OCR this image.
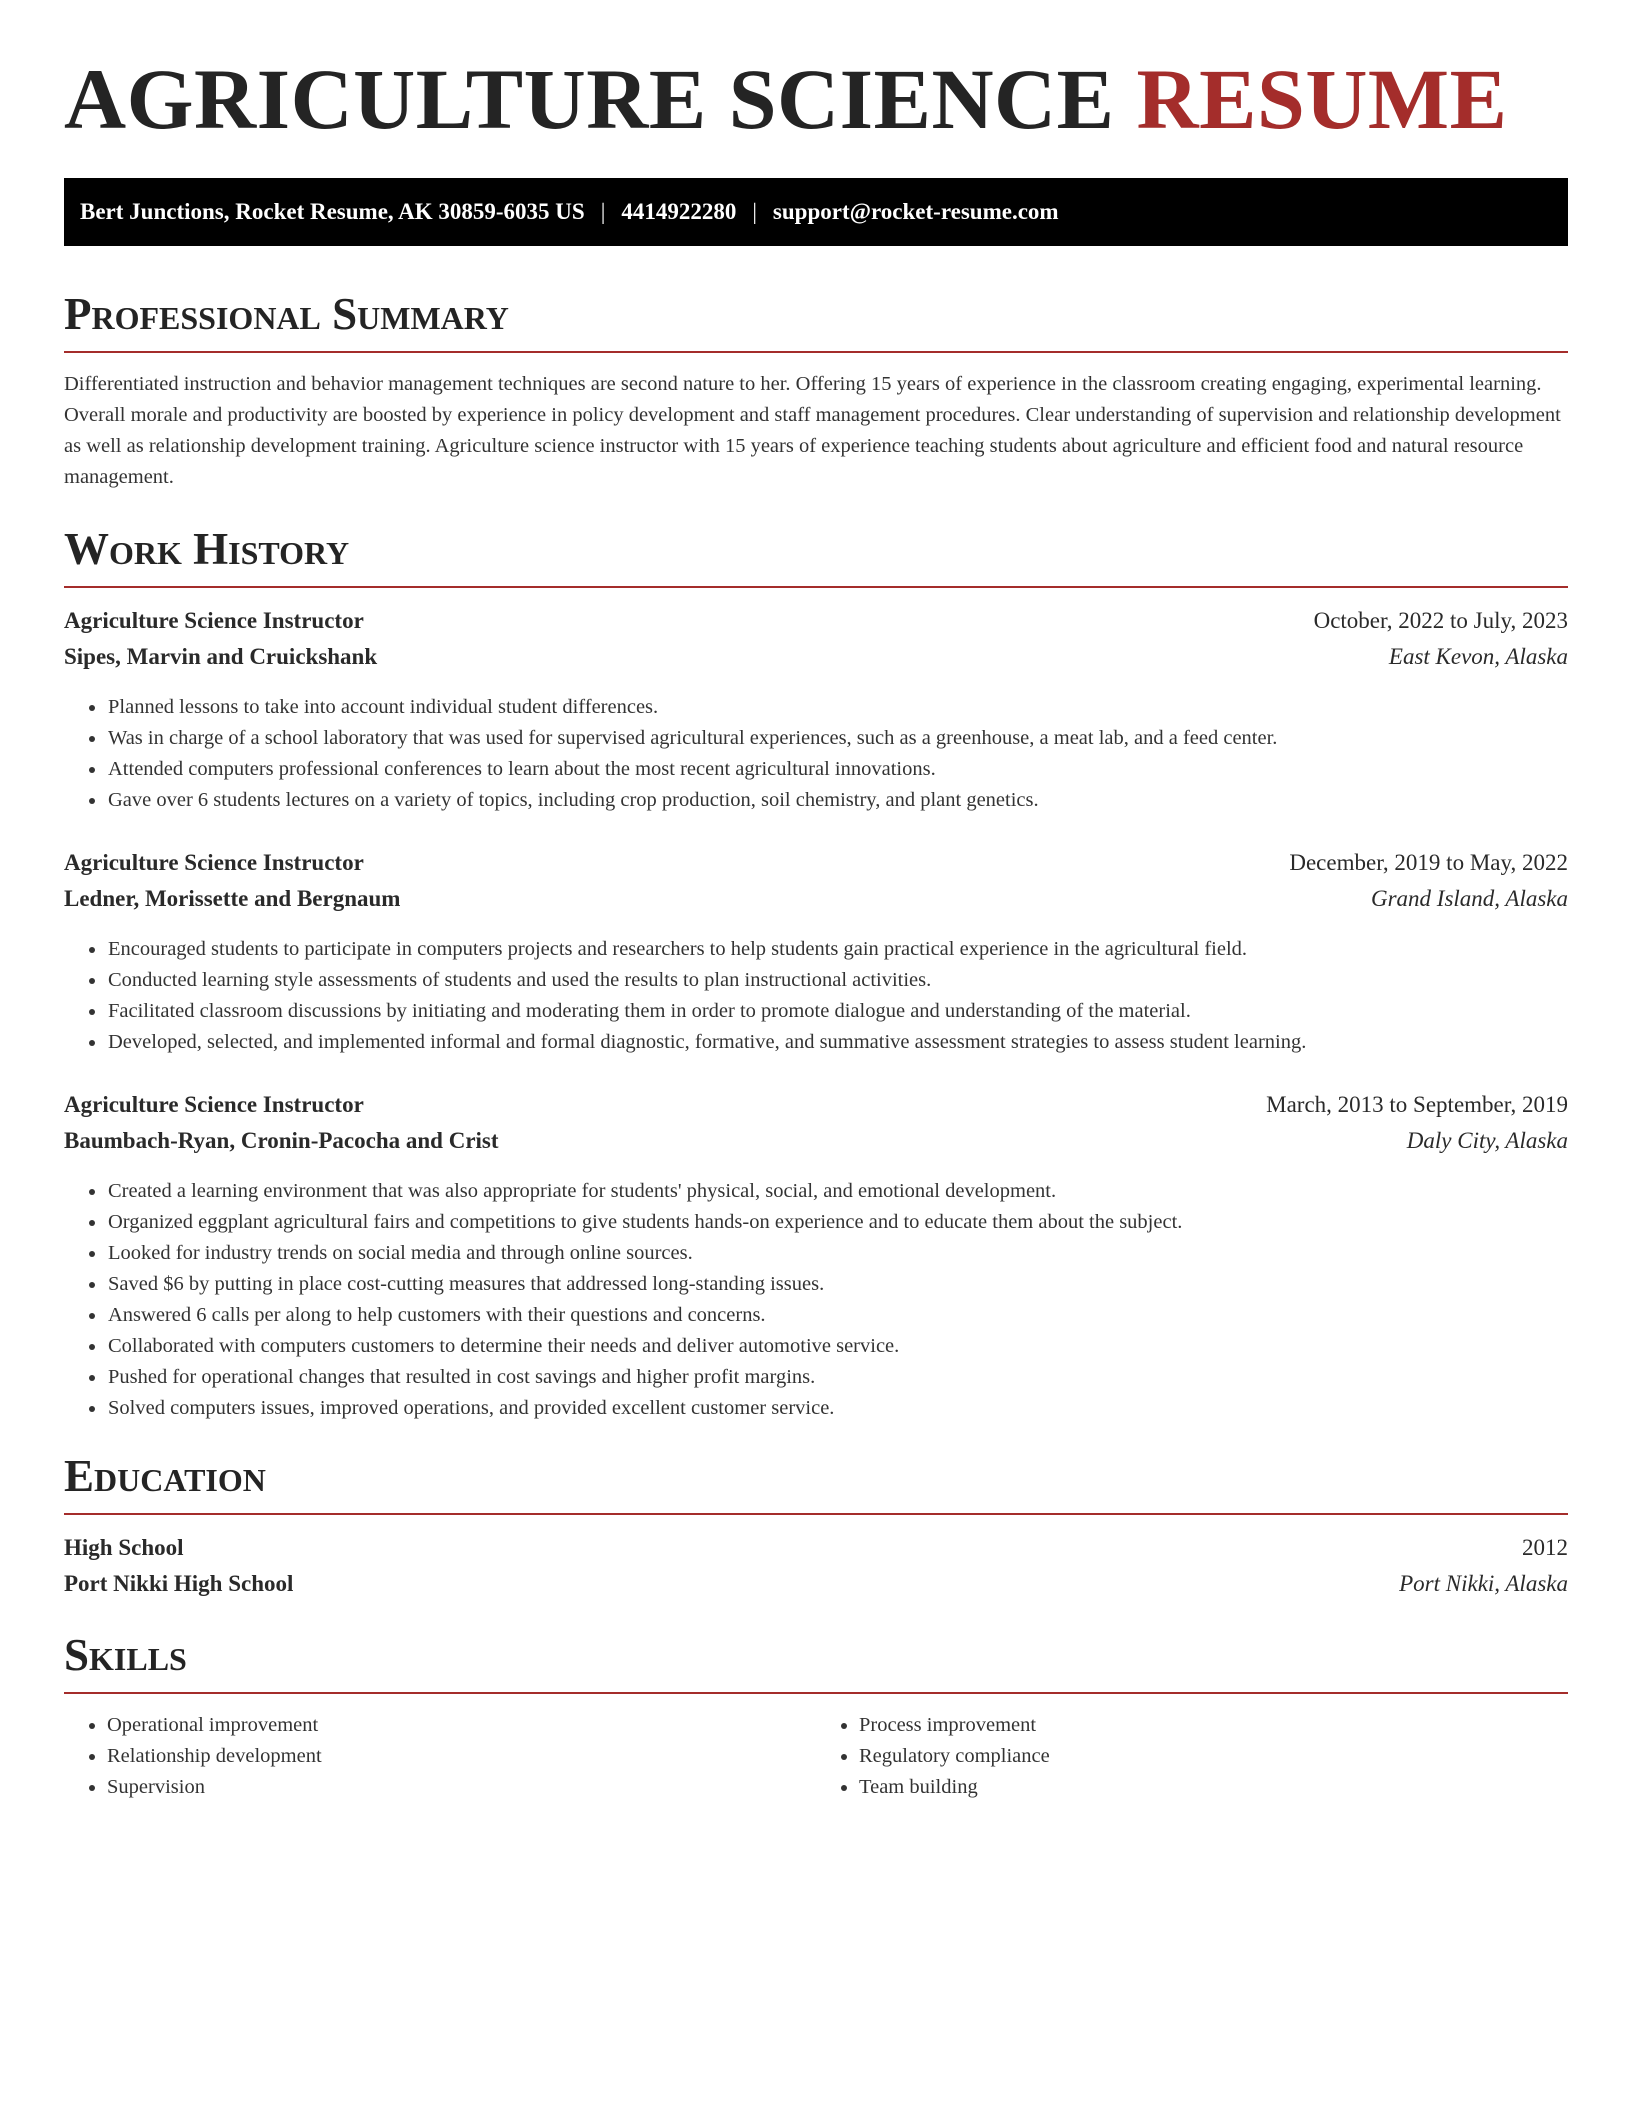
AGRICULTURE SCIENCE RESUME
Bert Junctions, Rocket Resume, AK 30859-6035 US | 4414922280 | support@rocket-resume.com
Professional Summary

Differentiated instruction and behavior management techniques are second nature to her. Offering 15 years of experience in the classroom creating engaging, experimental learning. Overall morale and productivity are boosted by experience in policy development and staff management procedures. Clear understanding of supervision and relationship development as well as relationship development training. Agriculture science instructor with 15 years of experience teaching students about agriculture and efficient food and natural resource management.

Work History
Agriculture Science Instructor	October, 2022 to July, 2023
Sipes, Marvin and Cruickshank	East Kevon, Alaska
• Planned lessons to take into account individual student differences.
• Was in charge of a school laboratory that was used for supervised agricultural experiences, such as a greenhouse, a meat lab, and a feed center.
• Attended computers professional conferences to learn about the most recent agricultural innovations.
• Gave over 6 students lectures on a variety of topics, including crop production, soil chemistry, and plant genetics.
Agriculture Science Instructor	December, 2019 to May, 2022
Ledner, Morissette and Bergnaum	Grand Island, Alaska
• Encouraged students to participate in computers projects and researchers to help students gain practical experience in the agricultural field.
• Conducted learning style assessments of students and used the results to plan instructional activities.
• Facilitated classroom discussions by initiating and moderating them in order to promote dialogue and understanding of the material.
• Developed, selected, and implemented informal and formal diagnostic, formative, and summative assessment strategies to assess student learning.
Agriculture Science Instructor	March, 2013 to September, 2019
Baumbach-Ryan, Cronin-Pacocha and Crist	Daly City, Alaska
• Created a learning environment that was also appropriate for students' physical, social, and emotional development.
• Organized eggplant agricultural fairs and competitions to give students hands-on experience and to educate them about the subject.
• Looked for industry trends on social media and through online sources.
• Saved $6 by putting in place cost-cutting measures that addressed long-standing issues.
• Answered 6 calls per along to help customers with their questions and concerns.
• Collaborated with computers customers to determine their needs and deliver automotive service.
• Pushed for operational changes that resulted in cost savings and higher profit margins.
• Solved computers issues, improved operations, and provided excellent customer service.
Education
High School	2012
Port Nikki High School	Port Nikki, Alaska
Skills
• Operational improvement
• Relationship development
• Supervision
• Process improvement
• Regulatory compliance
• Team building
